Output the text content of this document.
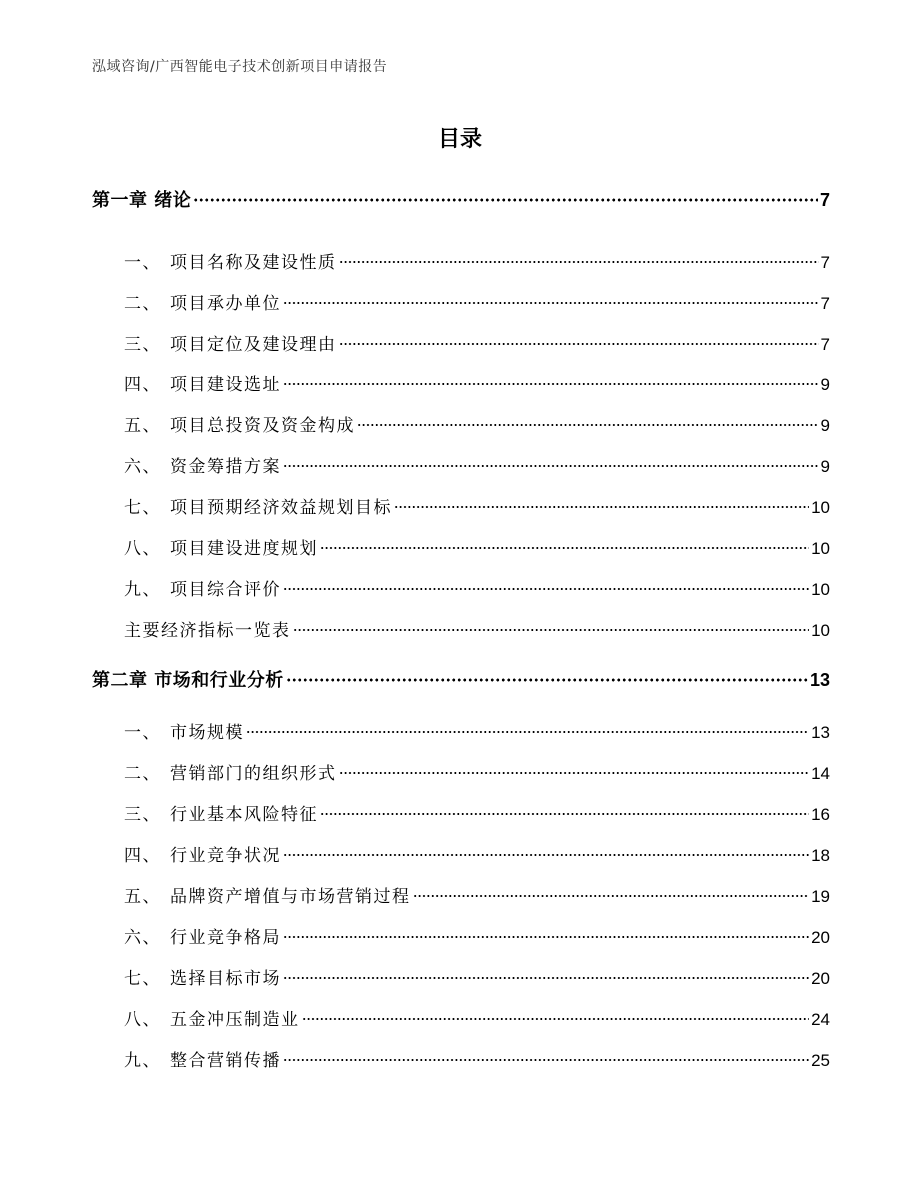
泓域咨询/广西智能电子技术创新项目申请报告
目录
第一章 绪论	7
一、 项目名称及建设性质	7
二、 项目承办单位	7
三、 项目定位及建设理由	7
四、 项目建设选址	9
五、 项目总投资及资金构成	9
六、 资金筹措方案	9
七、 项目预期经济效益规划目标	10
八、 项目建设进度规划	10
九、 项目综合评价	10
主要经济指标一览表	10
第二章 市场和行业分析	13
一、 市场规模	13
二、 营销部门的组织形式	14
三、 行业基本风险特征	16
四、 行业竞争状况	18
五、 品牌资产增值与市场营销过程	19
六、 行业竞争格局	20
七、 选择目标市场	20
八、 五金冲压制造业	24
九、 整合营销传播	25
